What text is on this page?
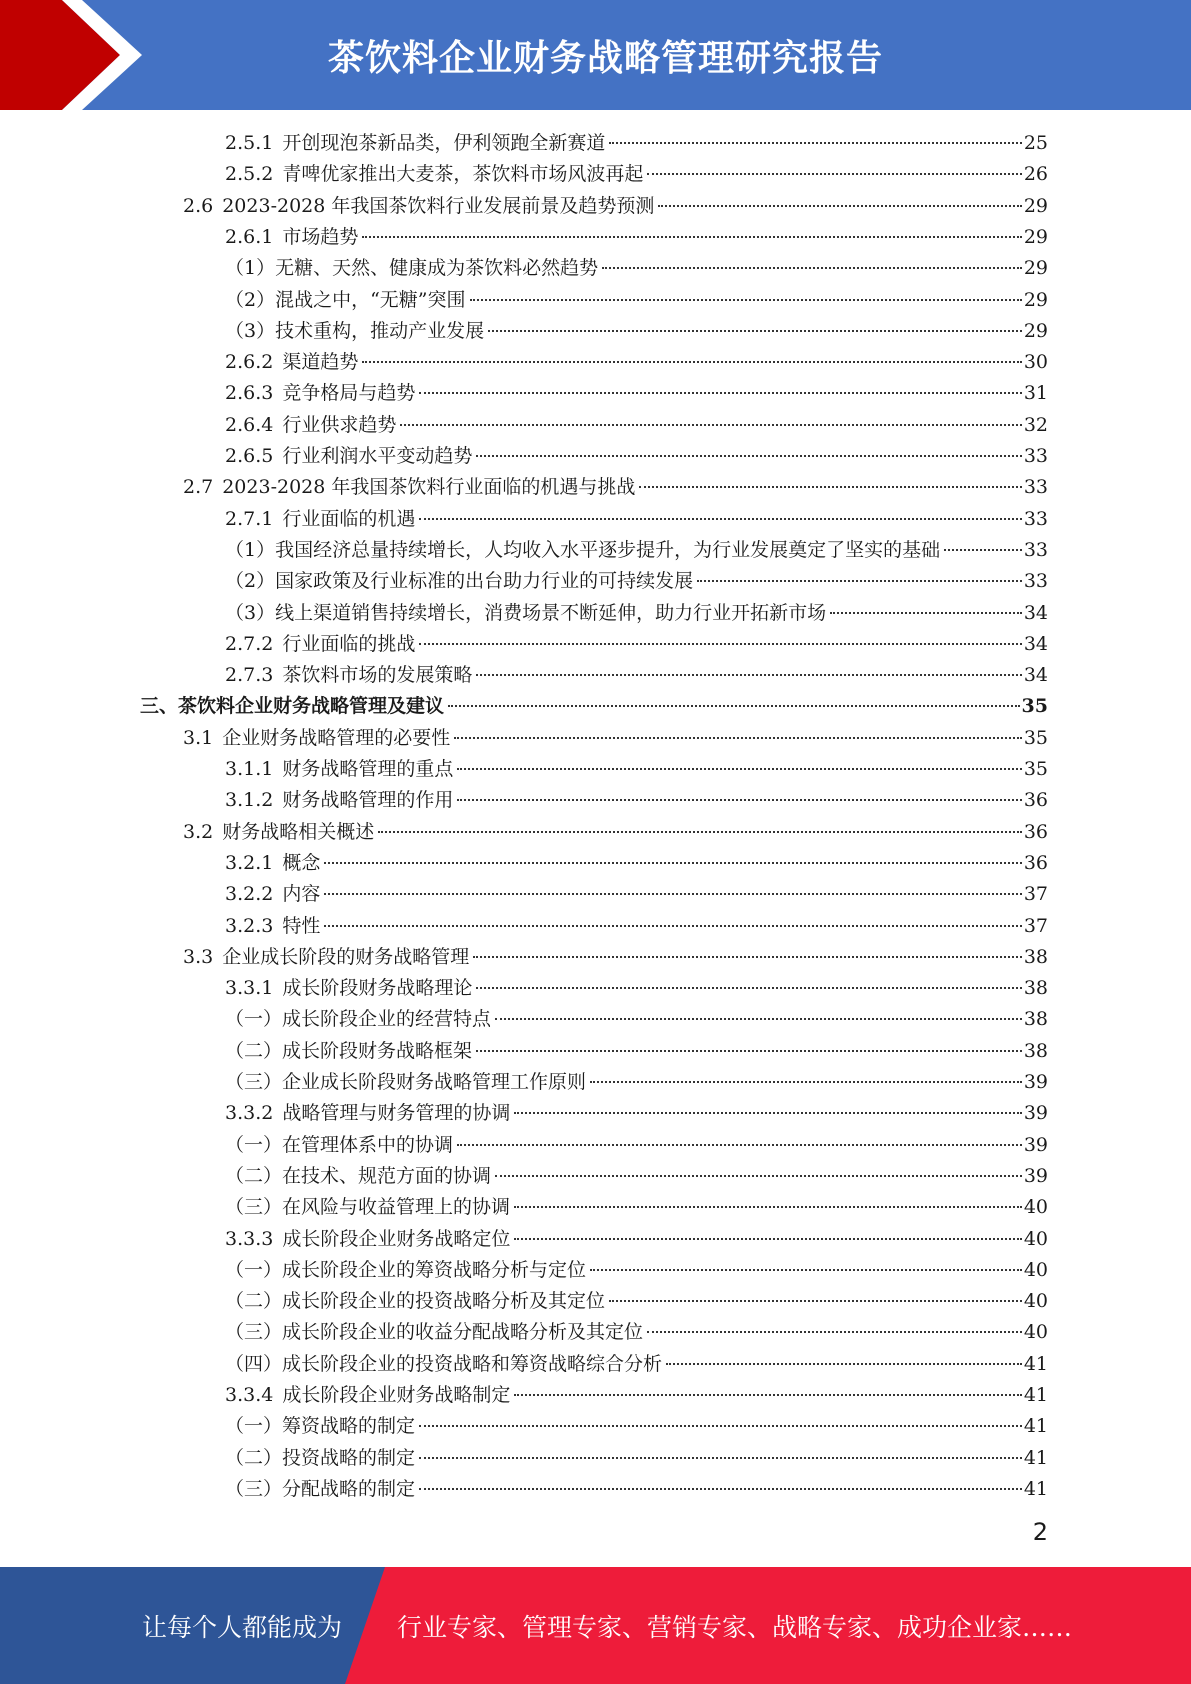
茶饮料企业财务战略管理研究报告
2.5.1 开创现泡茶新品类，伊利领跑全新赛道	25
2.5.2 青啤优家推出大麦茶，茶饮料市场风波再起	26
2.6 2023-2028 年我国茶饮料行业发展前景及趋势预测	29
2.6.1 市场趋势	29
（1） 无糖、天然、健康成为茶饮料必然趋势	29
（2） 混战之中，“无糖”突围	29
（3） 技术重构，推动产业发展	29
2.6.2 渠道趋势	30
2.6.3 竞争格局与趋势	31
2.6.4 行业供求趋势	32
2.6.5 行业利润水平变动趋势	33
2.7 2023-2028 年我国茶饮料行业面临的机遇与挑战	33
2.7.1 行业面临的机遇	33
（1） 我国经济总量持续增长，人均收入水平逐步提升，为行业发展奠定了坚实的基础	33
（2） 国家政策及行业标准的出台助力行业的可持续发展	33
（3） 线上渠道销售持续增长，消费场景不断延伸，助力行业开拓新市场	34
2.7.2 行业面临的挑战	34
2.7.3 茶饮料市场的发展策略	34
三、 茶饮料企业财务战略管理及建议	35
3.1 企业财务战略管理的必要性	35
3.1.1 财务战略管理的重点	35
3.1.2 财务战略管理的作用	36
3.2 财务战略相关概述	36
3.2.1 概念	36
3.2.2 内容	37
3.2.3 特性	37
3.3 企业成长阶段的财务战略管理	38
3.3.1 成长阶段财务战略理论	38
（一） 成长阶段企业的经营特点	38
（二） 成长阶段财务战略框架	38
（三） 企业成长阶段财务战略管理工作原则	39
3.3.2 战略管理与财务管理的协调	39
（一） 在管理体系中的协调	39
（二） 在技术、规范方面的协调	39
（三） 在风险与收益管理上的协调	40
3.3.3 成长阶段企业财务战略定位	40
（一） 成长阶段企业的筹资战略分析与定位	40
（二） 成长阶段企业的投资战略分析及其定位	40
（三） 成长阶段企业的收益分配战略分析及其定位	40
（四） 成长阶段企业的投资战略和筹资战略综合分析	41
3.3.4 成长阶段企业财务战略制定	41
（一） 筹资战略的制定	41
（二） 投资战略的制定	41
（三） 分配战略的制定	41
2
让每个人都能成为 行业专家、管理专家、营销专家、战略专家、成功企业家……
